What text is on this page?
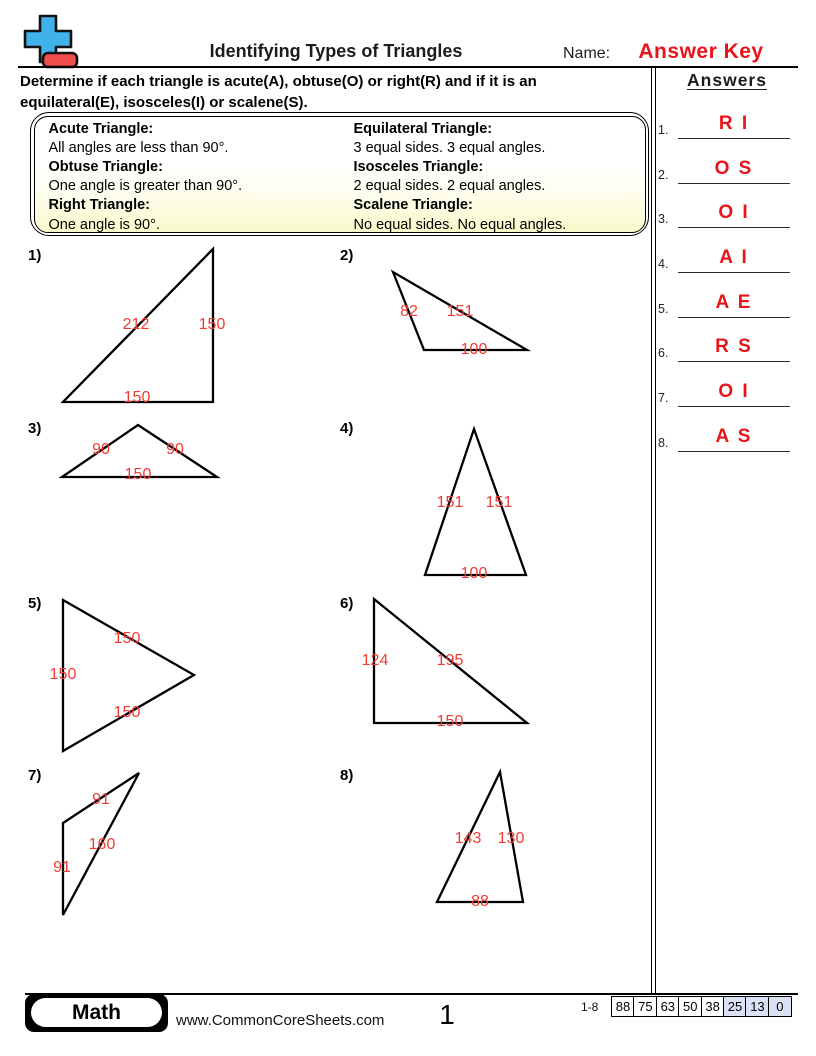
Identifying Types of Triangles	Name:	Answer Key
Determine if each triangle is acute(A), obtuse(O) or right(R) and if it is an
equilateral(E), isosceles(I) or scalene(S).
Acute Triangle:
All angles are less than 90°.
Obtuse Triangle:
One angle is greater than 90°.
Right Triangle:
One angle is 90°.
Equilateral Triangle:
3 equal sides. 3 equal angles.
Isosceles Triangle:
2 equal sides. 2 equal angles.
Scalene Triangle:
No equal sides. No equal angles.
1)	2)
3)	4)
5)	6)
7)	8)
212	150
150
82 151
100
90	90
150
151 151
100
150
150
150
124	195
150
91
160
91
143 130
88
Answers
1.	R I
2.	O S
3.	O I
4.	A I
5.	A E
6.	R S
7.	O I
8.	A S
Math	www.CommonCoreSheets.com	1	1-8	88 75 63 50 38 25 13 0
